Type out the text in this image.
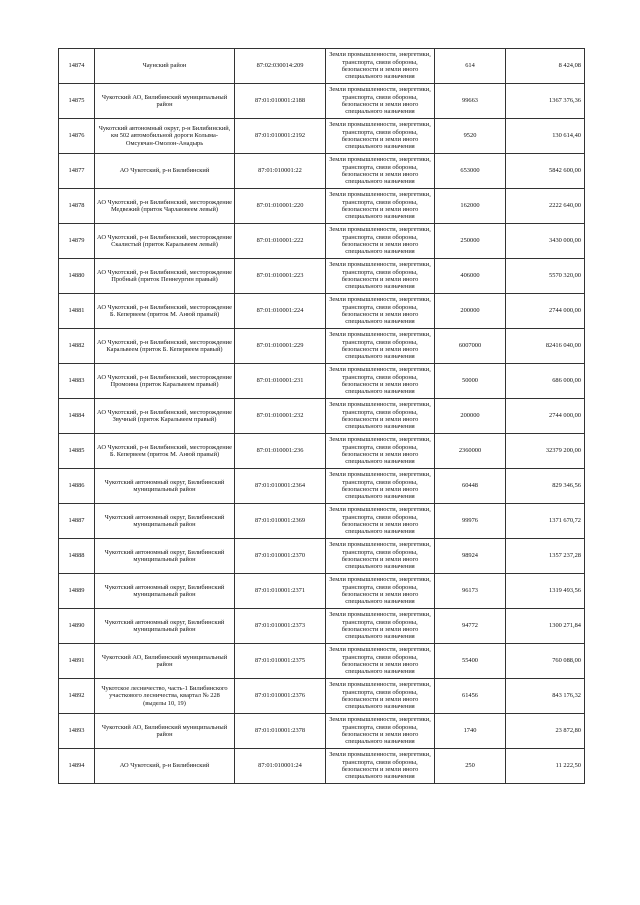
14874	Чаунский район	87:02:030014:209	Земли промышленности, энергетики, транспорта, связи обороны, безопасности и земли иного специального назначения	614	8 424,08
14875	Чукотский АО, Билибинский муниципальный район	87:01:010001:2188	Земли промышленности, энергетики, транспорта, связи обороны, безопасности и земли иного специального назначения	99663	1367 376,36
14876	Чукотский автономный округ, р-н Билибинский, км 502 автомобильной дороги Колыма-Омсукчан-Омолон-Анадырь	87:01:010001:2192	Земли промышленности, энергетики, транспорта, связи обороны, безопасности и земли иного специального назначения	9520	130 614,40
14877	АО Чукотский, р-н Билибинский	87:01:010001:22	Земли промышленности, энергетики, транспорта, связи обороны, безопасности и земли иного специального назначения	653000	5842 600,00
14878	АО Чукотский, р-н Билибинский, месторождение Медвежий (приток Чарлаювеем левый)	87:01:010001:220	Земли промышленности, энергетики, транспорта, связи обороны, безопасности и земли иного специального назначения	162000	2222 640,00
14879	АО Чукотский, р-н Билибинский, месторождение Скалистый (приток Каральвеем левый)	87:01:010001:222	Земли промышленности, энергетики, транспорта, связи обороны, безопасности и земли иного специального назначения	250000	3430 000,00
14880	АО Чукотский, р-н Билибинский, месторождение Пробный (приток Пеннеургин правый)	87:01:010001:223	Земли промышленности, энергетики, транспорта, связи обороны, безопасности и земли иного специального назначения	406000	5570 320,00
14881	АО Чукотский, р-н Билибинский, месторождение Б. Кепервеем (приток М. Анюй правый)	87:01:010001:224	Земли промышленности, энергетики, транспорта, связи обороны, безопасности и земли иного специального назначения	200000	2744 000,00
14882	АО Чукотский, р-н Билибинский, месторождение Каральвеем (приток Б. Кепервеем правый)	87:01:010001:229	Земли промышленности, энергетики, транспорта, связи обороны, безопасности и земли иного специального назначения	6007000	82416 040,00
14883	АО Чукотский, р-н Билибинский, месторождение Промоина (приток Каральвеем правый)	87:01:010001:231	Земли промышленности, энергетики, транспорта, связи обороны, безопасности и земли иного специального назначения	50000	686 000,00
14884	АО Чукотский, р-н Билибинский, месторождение Звучный (приток Каральвеем правый)	87:01:010001:232	Земли промышленности, энергетики, транспорта, связи обороны, безопасности и земли иного специального назначения	200000	2744 000,00
14885	АО Чукотский, р-н Билибинский, месторождение Б. Кепервеем (приток М. Анюй правый)	87:01:010001:236	Земли промышленности, энергетики, транспорта, связи обороны, безопасности и земли иного специального назначения	2360000	32379 200,00
14886	Чукотский автономный округ, Билибинский муниципальный район	87:01:010001:2364	Земли промышленности, энергетики, транспорта, связи обороны, безопасности и земли иного специального назначения	60448	829 346,56
14887	Чукотский автономный округ, Билибинский муниципальный район	87:01:010001:2369	Земли промышленности, энергетики, транспорта, связи обороны, безопасности и земли иного специального назначения	99976	1371 670,72
14888	Чукотский автономный округ, Билибинский муниципальный район	87:01:010001:2370	Земли промышленности, энергетики, транспорта, связи обороны, безопасности и земли иного специального назначения	98924	1357 237,28
14889	Чукотский автономный округ, Билибинский муниципальный район	87:01:010001:2371	Земли промышленности, энергетики, транспорта, связи обороны, безопасности и земли иного специального назначения	96173	1319 493,56
14890	Чукотский автономный округ, Билибинский муниципальный район	87:01:010001:2373	Земли промышленности, энергетики, транспорта, связи обороны, безопасности и земли иного специального назначения	94772	1300 271,84
14891	Чукотский АО, Билибинский муниципальный район	87:01:010001:2375	Земли промышленности, энергетики, транспорта, связи обороны, безопасности и земли иного специального назначения	55400	760 088,00
14892	Чукотское лесничество, часть-1 Билибинского участкового лесничества, квартал № 228 (выделы 10, 19)	87:01:010001:2376	Земли промышленности, энергетики, транспорта, связи обороны, безопасности и земли иного специального назначения	61456	843 176,32
14893	Чукотский АО, Билибинский муниципальный район	87:01:010001:2378	Земли промышленности, энергетики, транспорта, связи обороны, безопасности и земли иного специального назначения	1740	23 872,80
14894	АО Чукотский, р-н Билибинский	87:01:010001:24	Земли промышленности, энергетики, транспорта, связи обороны, безопасности и земли иного специального назначения	250	11 222,50
